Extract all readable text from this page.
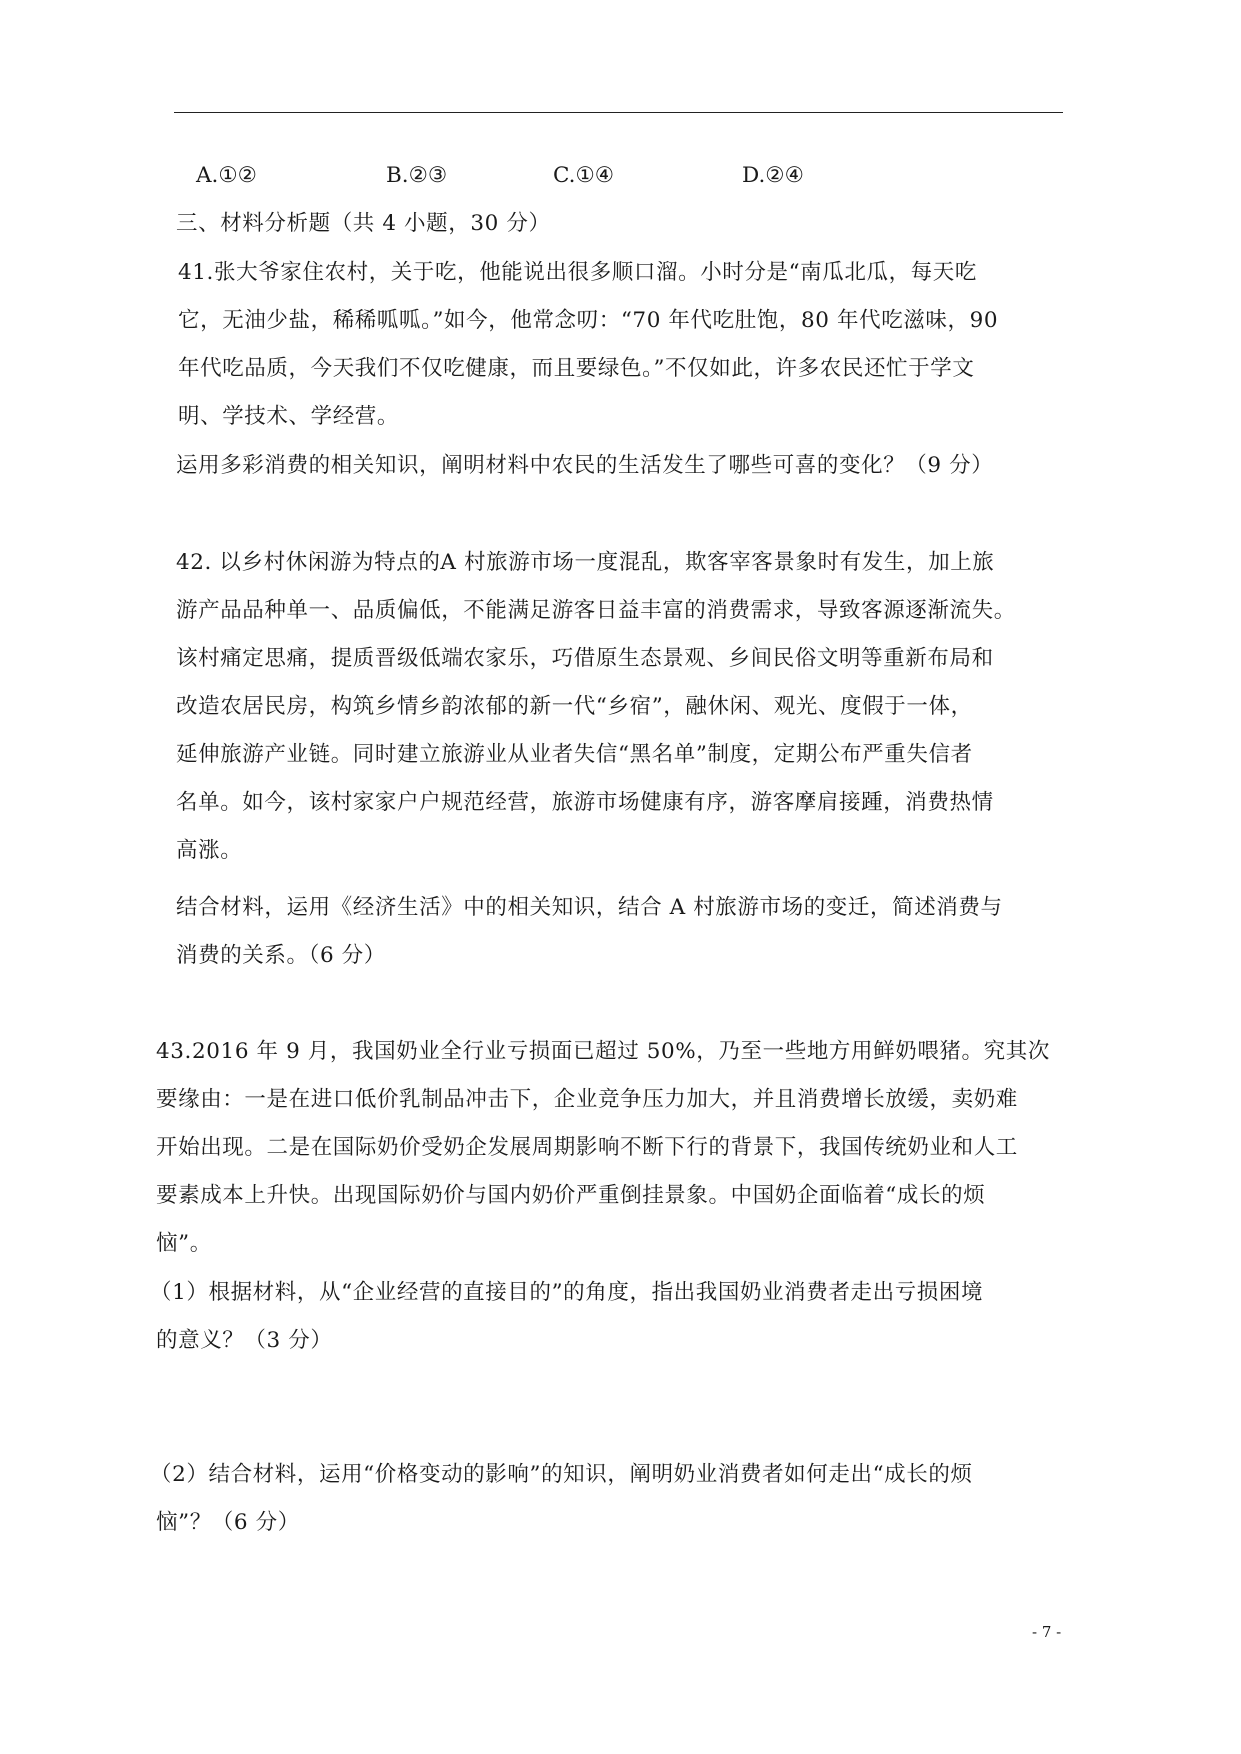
A.①②	B.②③	C.①④	D.②④
三、材料分析题（共 4 小题，30 分）
41.张大爷家住农村，关于吃，他能说出很多顺口溜。小时分是“南瓜北瓜，每天吃
它，无油少盐，稀稀呱呱。”如今，他常念叨：“70 年代吃肚饱，80 年代吃滋味，90
年代吃品质，今天我们不仅吃健康，而且要绿色。”不仅如此，许多农民还忙于学文
明、学技术、学经营。
运用多彩消费的相关知识，阐明材料中农民的生活发生了哪些可喜的变化？（9 分）
42. 以乡村休闲游为特点的A 村旅游市场一度混乱，欺客宰客景象时有发生，加上旅
游产品品种单一、品质偏低，不能满足游客日益丰富的消费需求，导致客源逐渐流失。
该村痛定思痛，提质晋级低端农家乐，巧借原生态景观、乡间民俗文明等重新布局和
改造农居民房，构筑乡情乡韵浓郁的新一代“乡宿”，融休闲、观光、度假于一体，
延伸旅游产业链。同时建立旅游业从业者失信“黑名单”制度，定期公布严重失信者
名单。如今，该村家家户户规范经营，旅游市场健康有序，游客摩肩接踵，消费热情
高涨。
结合材料，运用《经济生活》中的相关知识，结合 A 村旅游市场的变迁，简述消费与
消费的关系。（6 分）
43.2016 年 9 月，我国奶业全行业亏损面已超过 50%，乃至一些地方用鲜奶喂猪。究其次
要缘由：一是在进口低价乳制品冲击下，企业竞争压力加大，并且消费增长放缓，卖奶难
开始出现。二是在国际奶价受奶企发展周期影响不断下行的背景下，我国传统奶业和人工
要素成本上升快。出现国际奶价与国内奶价严重倒挂景象。中国奶企面临着“成长的烦
恼”。
（1）根据材料，从“企业经营的直接目的”的角度，指出我国奶业消费者走出亏损困境
的意义？（3 分）
（2）结合材料，运用“价格变动的影响”的知识，阐明奶业消费者如何走出“成长的烦
恼”？（6 分）
- 7 -
